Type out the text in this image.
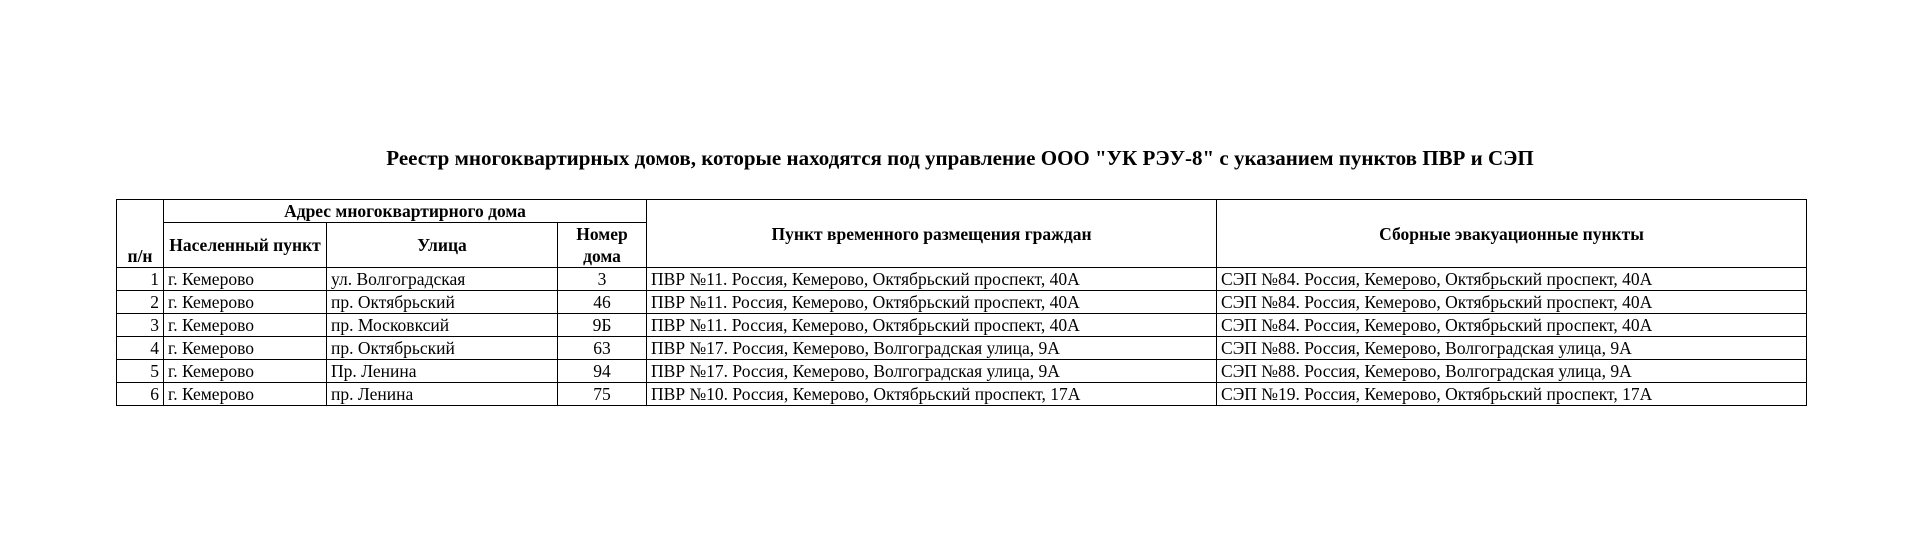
Реестр многоквартирных домов, которые находятся под управление ООО "УК РЭУ-8" с указанием пунктов ПВР и СЭП
п/н	Адрес многоквартирного дома			Пункт временного размещения граждан	Сборные эвакуационные пункты
	Населенный пункт	Улица	Номер дома		

1	г. Кемерово	ул. Волгоградская	3	ПВР №11. Россия, Кемерово, Октябрьский проспект, 40А	СЭП №84. Россия, Кемерово, Октябрьский проспект, 40А
2	г. Кемерово	пр. Октябрьский	46	ПВР №11. Россия, Кемерово, Октябрьский проспект, 40А	СЭП №84. Россия, Кемерово, Октябрьский проспект, 40А
3	г. Кемерово	пр. Московксий	9Б	ПВР №11. Россия, Кемерово, Октябрьский проспект, 40А	СЭП №84. Россия, Кемерово, Октябрьский проспект, 40А
4	г. Кемерово	пр. Октябрьский	63	ПВР №17. Россия, Кемерово, Волгоградская улица, 9А	СЭП №88. Россия, Кемерово, Волгоградская улица, 9А
5	г. Кемерово	Пр. Ленина	94	ПВР №17. Россия, Кемерово, Волгоградская улица, 9А	СЭП №88. Россия, Кемерово, Волгоградская улица, 9А
6	г. Кемерово	пр. Ленина	75	ПВР №10. Россия, Кемерово, Октябрьский проспект, 17А	СЭП №19. Россия, Кемерово, Октябрьский проспект, 17А
